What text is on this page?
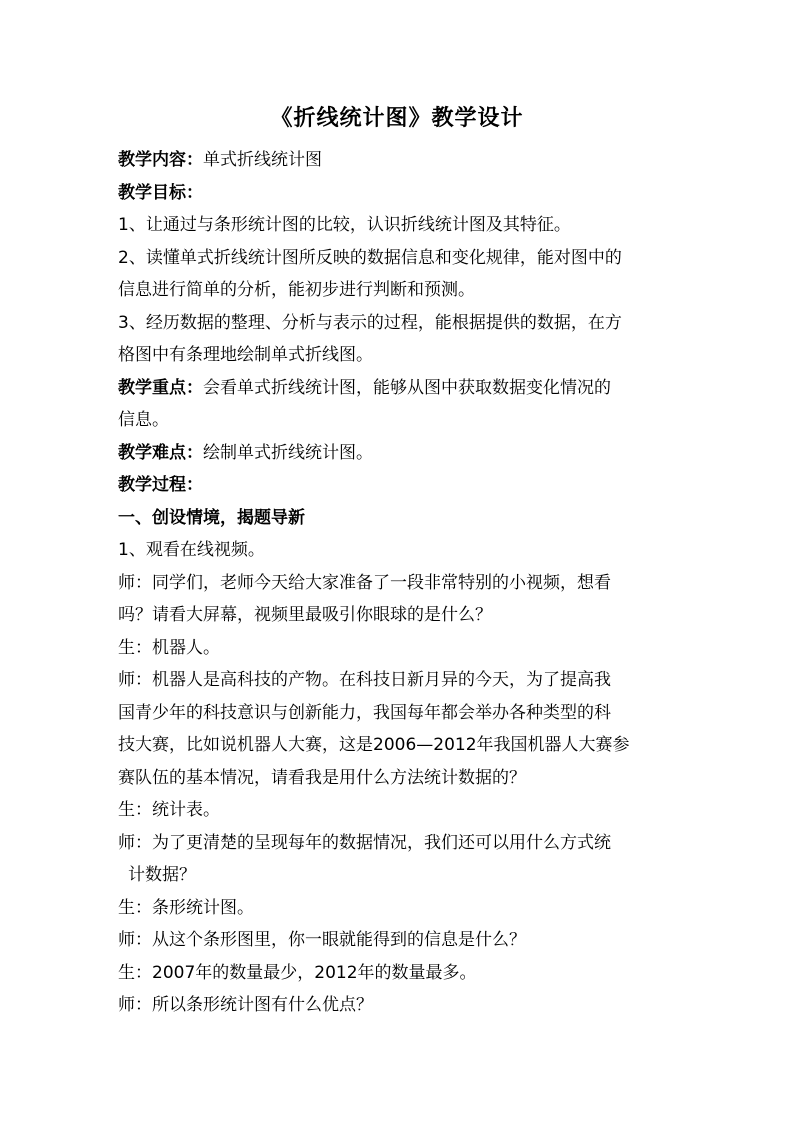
《折线统计图》教学设计

教学内容：单式折线统计图

教学目标：

1、让通过与条形统计图的比较，认识折线统计图及其特征。

2、读懂单式折线统计图所反映的数据信息和变化规律，能对图中的

信息进行简单的分析，能初步进行判断和预测。

3、经历数据的整理、分析与表示的过程，能根据提供的数据，在方

格图中有条理地绘制单式折线图。

教学重点：会看单式折线统计图，能够从图中获取数据变化情况的

信息。

教学难点：绘制单式折线统计图。

教学过程：

一、创设情境，揭题导新

1、观看在线视频。

师：同学们，老师今天给大家准备了一段非常特别的小视频，想看

吗？请看大屏幕，视频里最吸引你眼球的是什么？

生：机器人。

师：机器人是高科技的产物。在科技日新月异的今天，为了提高我

国青少年的科技意识与创新能力，我国每年都会举办各种类型的科

技大赛，比如说机器人大赛，这是2006—2012年我国机器人大赛参

赛队伍的基本情况，请看我是用什么方法统计数据的？

生：统计表。

师：为了更清楚的呈现每年的数据情况，我们还可以用什么方式统

计数据？

生：条形统计图。

师：从这个条形图里，你一眼就能得到的信息是什么？

生：2007年的数量最少，2012年的数量最多。

师：所以条形统计图有什么优点？
